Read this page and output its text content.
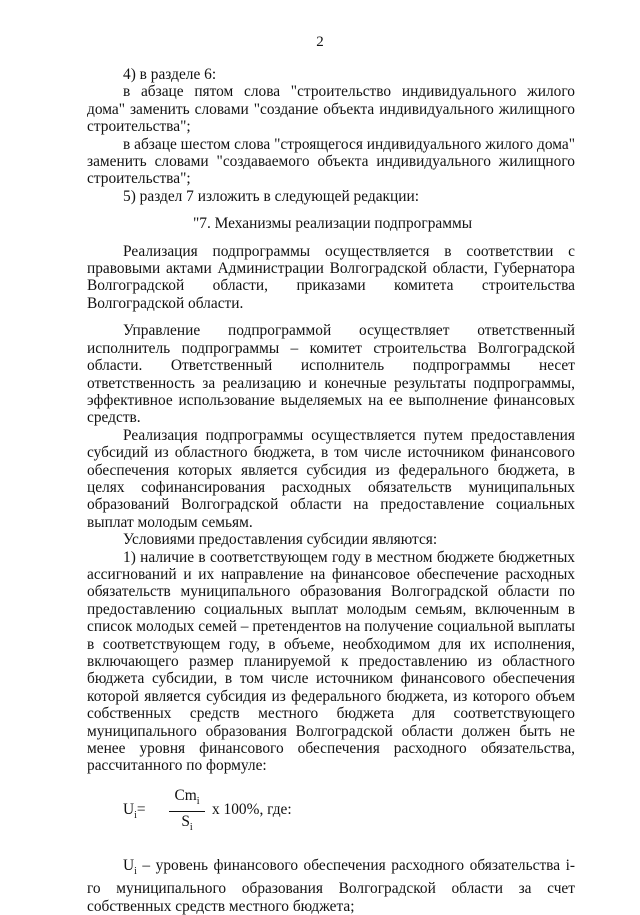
2

4) в разделе 6:

в абзаце пятом слова "строительство индивидуального жилого дома" заменить словами "создание объекта индивидуального жилищного строительства";

в абзаце шестом слова "строящегося индивидуального жилого дома" заменить словами "создаваемого объекта индивидуального жилищного строительства";

5) раздел 7 изложить в следующей редакции:

"7. Механизмы реализации подпрограммы

Реализация подпрограммы осуществляется в соответствии с правовыми актами Администрации Волгоградской области, Губернатора Волгоградской области, приказами комитета строительства Волгоградской области.

Управление подпрограммой осуществляет ответственный исполнитель подпрограммы – комитет строительства Волгоградской области. Ответственный исполнитель подпрограммы несет ответственность за реализацию и конечные результаты подпрограммы, эффективное использование выделяемых на ее выполнение финансовых средств.

Реализация подпрограммы осуществляется путем предоставления субсидий из областного бюджета, в том числе источником финансового обеспечения которых является субсидия из федерального бюджета, в целях софинансирования расходных обязательств муниципальных образований Волгоградской области на предоставление социальных выплат молодым семьям.

Условиями предоставления субсидии являются:

1) наличие в соответствующем году в местном бюджете бюджетных ассигнований и их направление на финансовое обеспечение расходных обязательств муниципального образования Волгоградской области по предоставлению социальных выплат молодым семьям, включенным в список молодых семей – претендентов на получение социальной выплаты в соответствующем году, в объеме, необходимом для их исполнения, включающего размер планируемой к предоставлению из областного бюджета субсидии, в том числе источником финансового обеспечения которой является субсидия из федерального бюджета, из которого объем собственных средств местного бюджета для соответствующего муниципального образования Волгоградской области должен быть не менее уровня финансового обеспечения расходного обязательства, рассчитанного по формуле:

$U_i=$
$Cm_i$
$S_i$
x 100%, где:

$U_i$ – уровень финансового обеспечения расходного обязательства i-го муниципального образования Волгоградской области за счет собственных средств местного бюджета;
